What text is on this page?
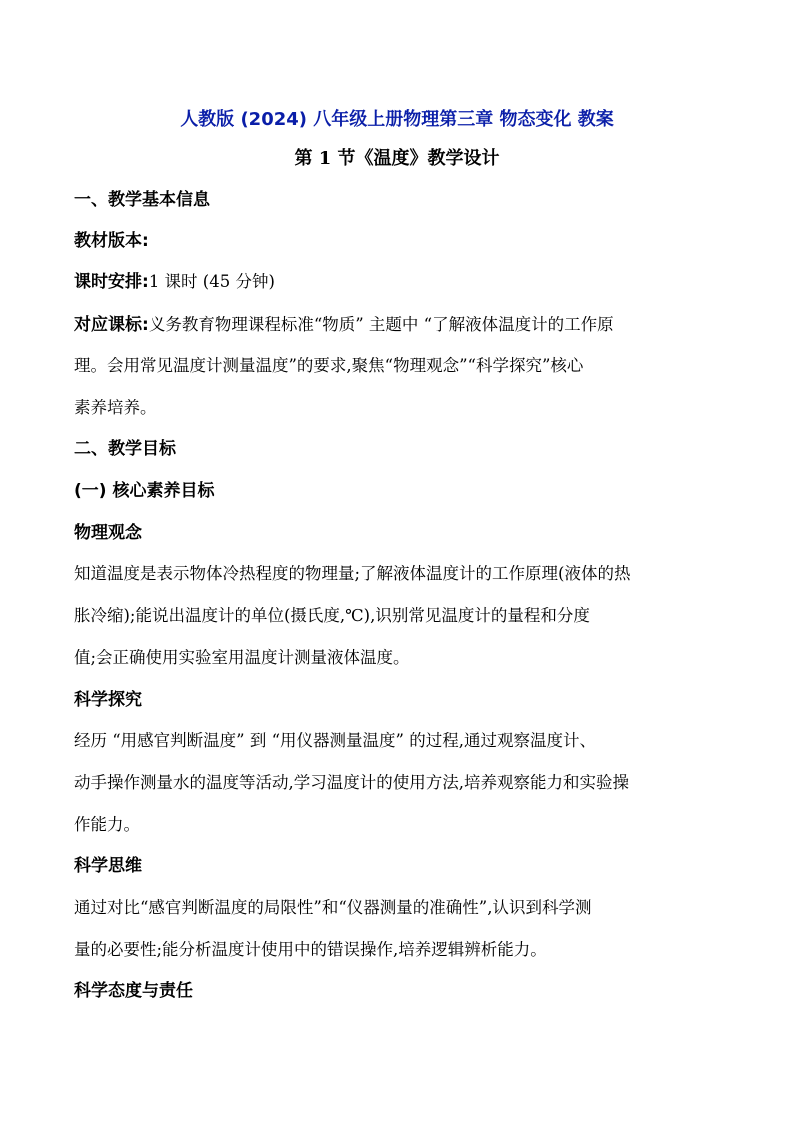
人教版 (2024) 八年级上册物理第三章 物态变化 教案
第 1 节《温度》教学设计
一、教学基本信息
教材版本:
课时安排:1 课时 (45 分钟)
对应课标:义务教育物理课程标准“物质” 主题中 “了解液体温度计的工作原
理。会用常见温度计测量温度”的要求,聚焦“物理观念”“科学探究”核心
素养培养。
二、教学目标
(一) 核心素养目标
物理观念
知道温度是表示物体冷热程度的物理量;了解液体温度计的工作原理(液体的热
胀冷缩);能说出温度计的单位(摄氏度,℃),识别常见温度计的量程和分度
值;会正确使用实验室用温度计测量液体温度。
科学探究
经历 “用感官判断温度” 到 “用仪器测量温度” 的过程,通过观察温度计、
动手操作测量水的温度等活动,学习温度计的使用方法,培养观察能力和实验操
作能力。
科学思维
通过对比“感官判断温度的局限性”和“仪器测量的准确性”,认识到科学测
量的必要性;能分析温度计使用中的错误操作,培养逻辑辨析能力。
科学态度与责任
